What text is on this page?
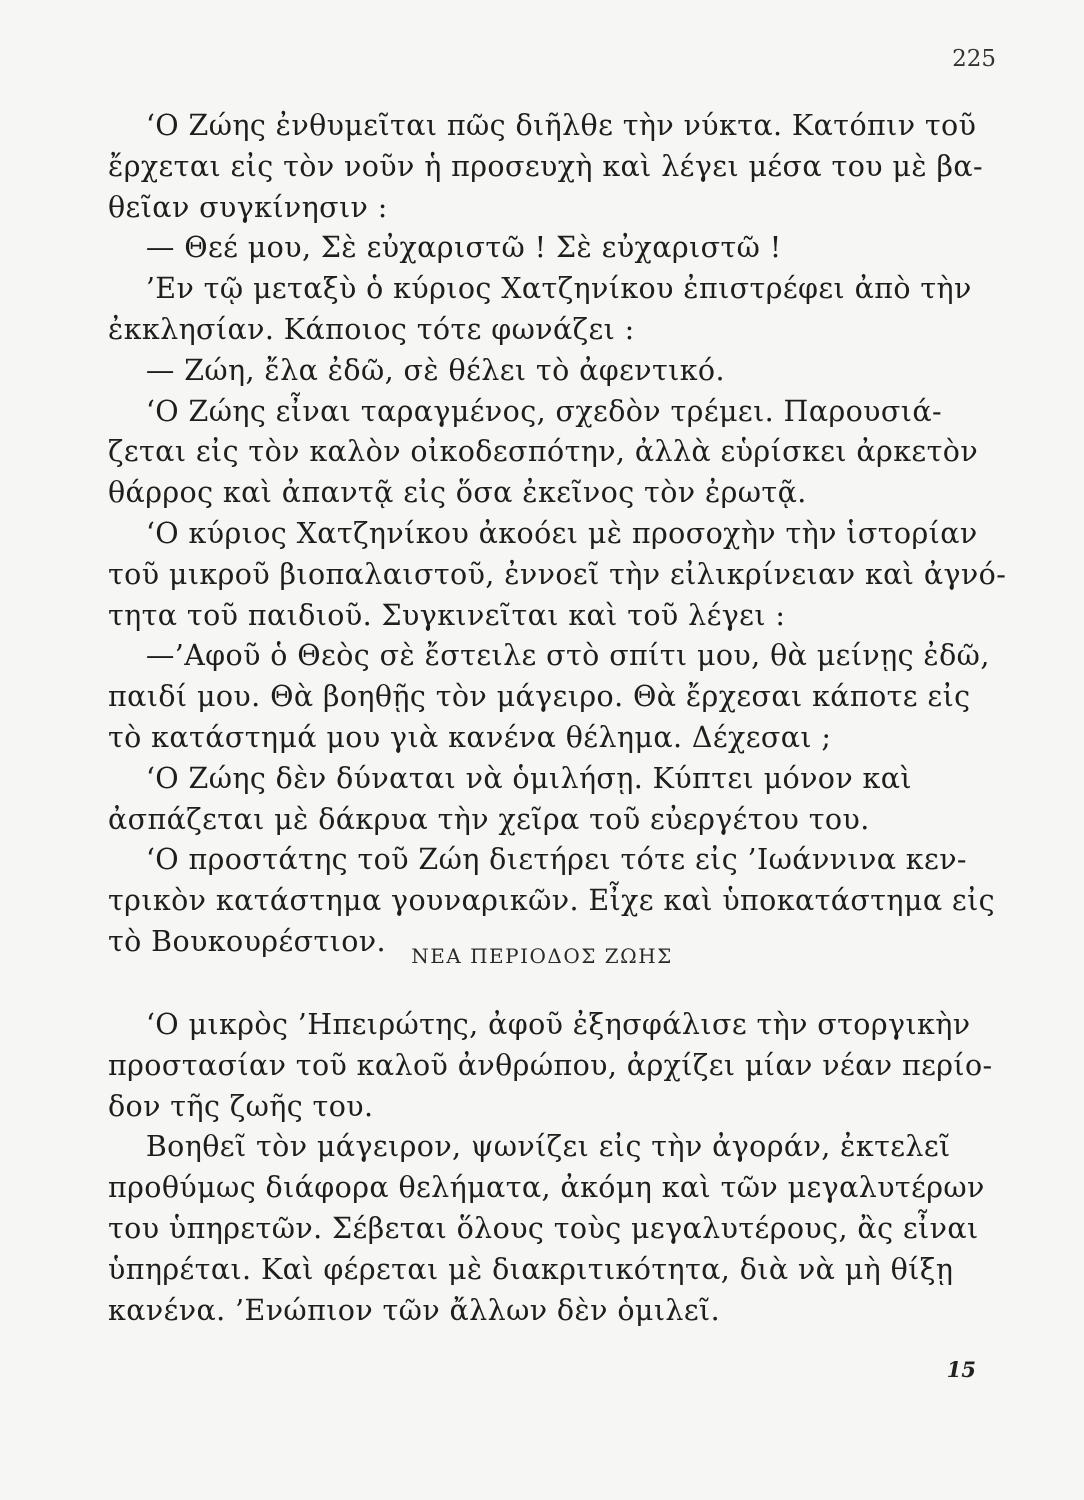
225
‘Ο Ζώης ἐνθυμεῖται πῶς διῆλθε τὴν νύκτα. Κατόπιν τοῦ
ἔρχεται εἰς τὸν νοῦν ἡ προσευχὴ καὶ λέγει μέσα του μὲ βα-
θεῖαν συγκίνησιν :
— Θεέ μου, Σὲ εὐχαριστῶ ! Σὲ εὐχαριστῶ !
’Εν τῷ μεταξὺ ὁ κύριος Χατζηνίκου ἐπιστρέφει ἀπὸ τὴν
ἐκκλησίαν. Κάποιος τότε φωνάζει :
— Ζώη, ἔλα ἐδῶ, σὲ θέλει τὸ ἀφεντικό.
‘Ο Ζώης εἶναι ταραγμένος, σχεδὸν τρέμει. Παρουσιά-
ζεται εἰς τὸν καλὸν οἰκοδεσπότην, ἀλλὰ εὑρίσκει ἀρκετὸν
θάρρος καὶ ἀπαντᾷ εἰς ὅσα ἐκεῖνος τὸν ἐρωτᾷ.
‘Ο κύριος Χατζηνίκου ἀκοόει μὲ προσοχὴν τὴν ἱστορίαν
τοῦ μικροῦ βιοπαλαιστοῦ, ἐννοεῖ τὴν εἰλικρίνειαν καὶ ἀγνό-
τητα τοῦ παιδιοῦ. Συγκινεῖται καὶ τοῦ λέγει :
—’Αφοῦ ὁ Θεὸς σὲ ἔστειλε στὸ σπίτι μου, θὰ μείνῃς ἐδῶ,
παιδί μου. Θὰ βοηθῇς τὸν μάγειρο. Θὰ ἔρχεσαι κάποτε εἰς
τὸ κατάστημά μου γιὰ κανένα θέλημα. Δέχεσαι ;
‘Ο Ζώης δὲν δύναται νὰ ὁμιλήσῃ. Κύπτει μόνον καὶ
ἀσπάζεται μὲ δάκρυα τὴν χεῖρα τοῦ εὐεργέτου του.
‘Ο προστάτης τοῦ Ζώη διετήρει τότε εἰς ’Ιωάννινα κεν-
τρικὸν κατάστημα γουναρικῶν. Εἶχε καὶ ὑποκατάστημα εἰς
τὸ Βουκουρέστιον.	ΝΕΑ ΠΕΡΙΟΔΟΣ ΖΩΗΣ
‘Ο μικρὸς ’Ηπειρώτης, ἀφοῦ ἐξησφάλισε τὴν στοργικὴν
προστασίαν τοῦ καλοῦ ἀνθρώπου, ἀρχίζει μίαν νέαν περίο-
δον τῆς ζωῆς του.
Βοηθεῖ τὸν μάγειρον, ψωνίζει εἰς τὴν ἀγοράν, ἐκτελεῖ
προθύμως διάφορα θελήματα, ἀκόμη καὶ τῶν μεγαλυτέρων
του ὑπηρετῶν. Σέβεται ὅλους τοὺς μεγαλυτέρους, ἂς εἶναι
ὑπηρέται. Καὶ φέρεται μὲ διακριτικότητα, διὰ νὰ μὴ θίξῃ
κανένα. ’Ενώπιον τῶν ἄλλων δὲν ὁμιλεῖ.
15
